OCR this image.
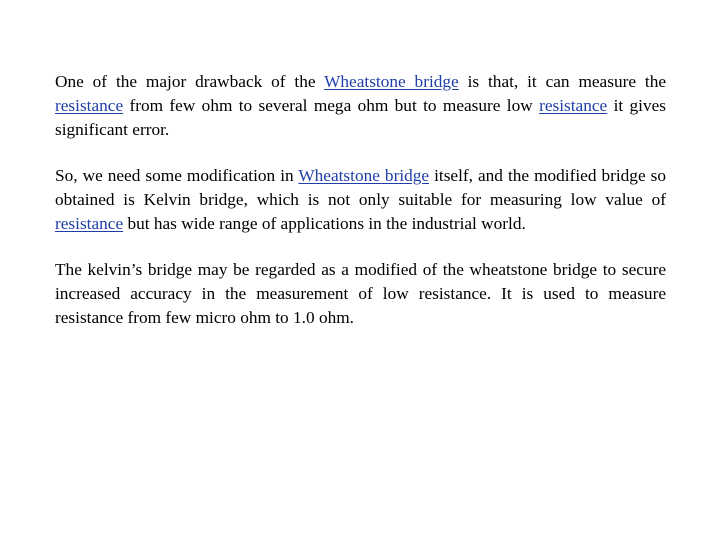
One of the major drawback of the Wheatstone bridge is that, it can measure the resistance from few ohm to several mega ohm but to measure low resistance it gives significant error.

So, we need some modification in Wheatstone bridge itself, and the modified bridge so obtained is Kelvin bridge, which is not only suitable for measuring low value of resistance but has wide range of applications in the industrial world.

The kelvin’s bridge may be regarded as a modified of the wheatstone bridge to secure increased accuracy in the measurement of low resistance. It is used to measure resistance from few micro ohm to 1.0 ohm.
